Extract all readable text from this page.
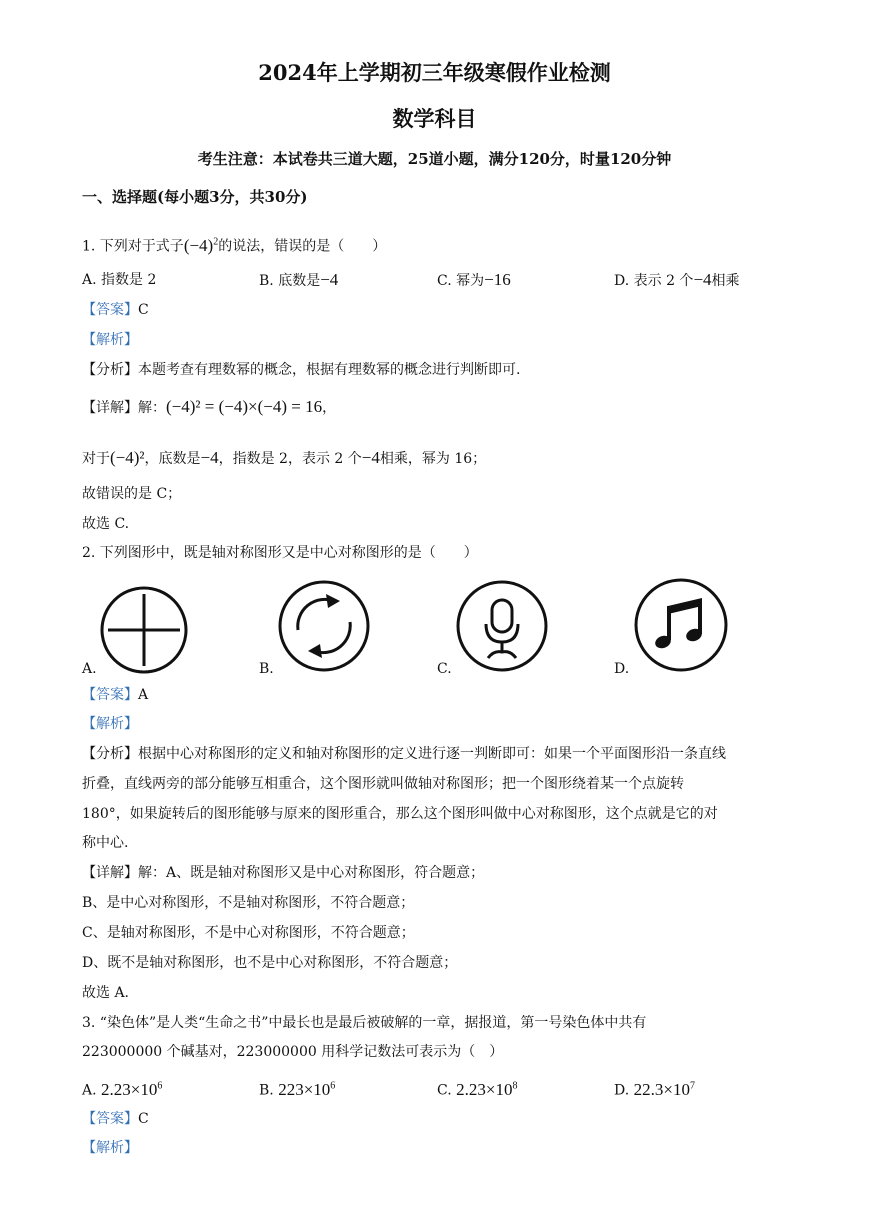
2024年上学期初三年级寒假作业检测
数学科目
考生注意：本试卷共三道大题，25道小题，满分120分，时量120分钟
一、选择题(每小题3分，共30分)
1. 下列对于式子$(-4)^2$的说法，错误的是（　　）
A. 指数是 2	B. 底数是−4	C. 幂为−16	D. 表示 2 个−4相乘
【答案】C
【解析】
【分析】本题考查有理数幂的概念，根据有理数幂的概念进行判断即可.
【详解】解：(−4)² = (−4)×(−4) = 16，
对于(−4)²，底数是−4，指数是 2，表示 2 个−4相乘，幂为 16；
故错误的是 C；
故选 C.
2. 下列图形中，既是轴对称图形又是中心对称图形的是（　　）
A.	B.	C.	D.
【答案】A
【解析】
【分析】根据中心对称图形的定义和轴对称图形的定义进行逐一判断即可：如果一个平面图形沿一条直线
折叠，直线两旁的部分能够互相重合，这个图形就叫做轴对称图形；把一个图形绕着某一个点旋转
180°，如果旋转后的图形能够与原来的图形重合，那么这个图形叫做中心对称图形，这个点就是它的对
称中心.
【详解】解：A、既是轴对称图形又是中心对称图形，符合题意；
B、是中心对称图形，不是轴对称图形，不符合题意；
C、是轴对称图形，不是中心对称图形，不符合题意；
D、既不是轴对称图形，也不是中心对称图形，不符合题意；
故选 A.
3. “染色体”是人类“生命之书”中最长也是最后被破解的一章，据报道，第一号染色体中共有
223000000 个碱基对，223000000 用科学记数法可表示为（　）
A. $2.23\times 10^6$	B. $223\times 10^6$	C. $2.23\times 10^8$	D. $22.3\times 10^7$
【答案】C
【解析】
